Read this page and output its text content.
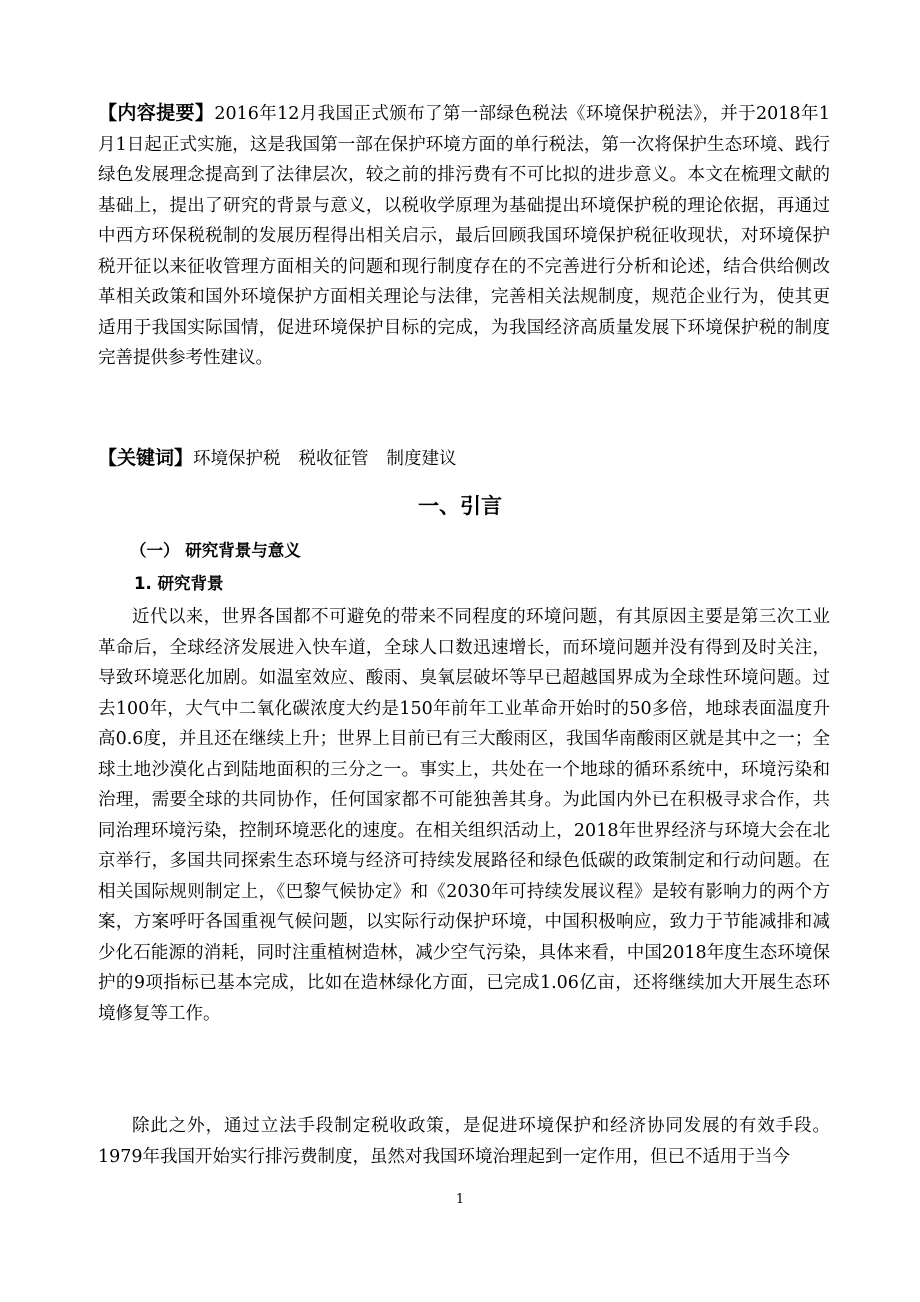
【内容提要】2016年12月我国正式颁布了第一部绿色税法《环境保护税法》，并于2018年1月1日起正式实施，这是我国第一部在保护环境方面的单行税法，第一次将保护生态环境、践行绿色发展理念提高到了法律层次，较之前的排污费有不可比拟的进步意义。本文在梳理文献的基础上，提出了研究的背景与意义，以税收学原理为基础提出环境保护税的理论依据，再通过中西方环保税税制的发展历程得出相关启示，最后回顾我国环境保护税征收现状，对环境保护税开征以来征收管理方面相关的问题和现行制度存在的不完善进行分析和论述，结合供给侧改革相关政策和国外环境保护方面相关理论与法律，完善相关法规制度，规范企业行为，使其更适用于我国实际国情，促进环境保护目标的完成，为我国经济高质量发展下环境保护税的制度完善提供参考性建议。

【关键词】环境保护税 税收征管 制度建议

一、引言
（一） 研究背景与意义
1. 研究背景

近代以来，世界各国都不可避免的带来不同程度的环境问题，有其原因主要是第三次工业革命后，全球经济发展进入快车道，全球人口数迅速增长，而环境问题并没有得到及时关注，导致环境恶化加剧。如温室效应、酸雨、臭氧层破坏等早已超越国界成为全球性环境问题。过去100年，大气中二氧化碳浓度大约是150年前年工业革命开始时的50多倍，地球表面温度升高0.6度，并且还在继续上升；世界上目前已有三大酸雨区，我国华南酸雨区就是其中之一；全球土地沙漠化占到陆地面积的三分之一。事实上，共处在一个地球的循环系统中，环境污染和治理，需要全球的共同协作，任何国家都不可能独善其身。为此国内外已在积极寻求合作，共同治理环境污染，控制环境恶化的速度。在相关组织活动上，2018年世界经济与环境大会在北京举行，多国共同探索生态环境与经济可持续发展路径和绿色低碳的政策制定和行动问题。在相关国际规则制定上，《巴黎气候协定》和《2030年可持续发展议程》是较有影响力的两个方案，方案呼吁各国重视气候问题，以实际行动保护环境，中国积极响应，致力于节能减排和减少化石能源的消耗，同时注重植树造林，减少空气污染，具体来看，中国2018年度生态环境保护的9项指标已基本完成，比如在造林绿化方面，已完成1.06亿亩，还将继续加大开展生态环境修复等工作。

除此之外，通过立法手段制定税收政策，是促进环境保护和经济协同发展的有效手段。1979年我国开始实行排污费制度，虽然对我国环境治理起到一定作用，但已不适用于当今

1
